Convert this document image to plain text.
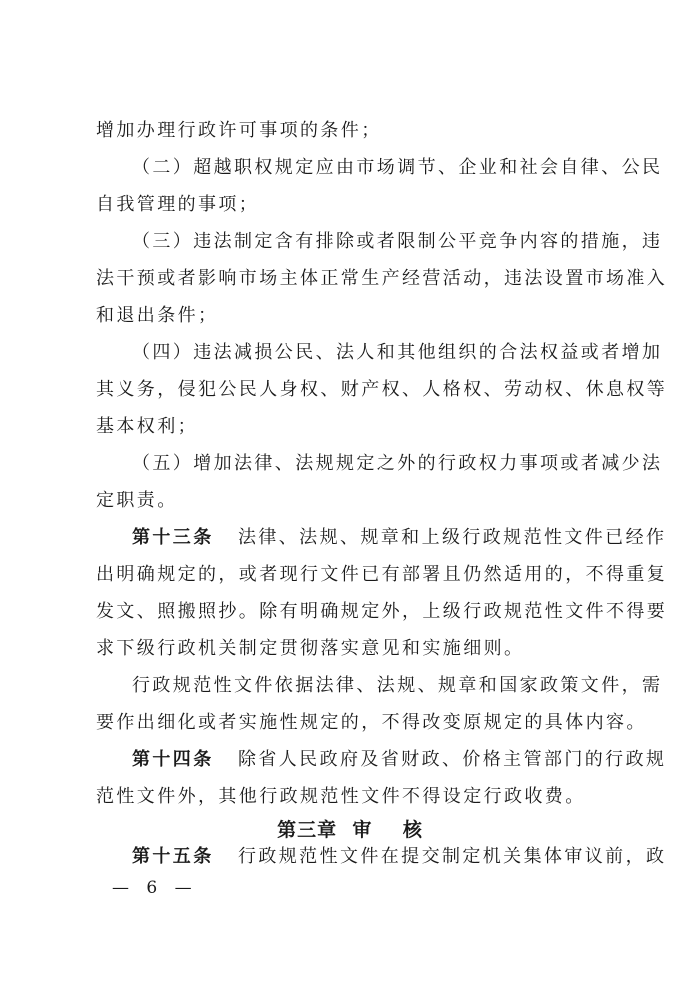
增加办理行政许可事项的条件；
（二）超越职权规定应由市场调节、企业和社会自律、公民
自我管理的事项；
（三）违法制定含有排除或者限制公平竞争内容的措施，违
法干预或者影响市场主体正常生产经营活动，违法设置市场准入
和退出条件；
（四）违法减损公民、法人和其他组织的合法权益或者增加
其义务，侵犯公民人身权、财产权、人格权、劳动权、休息权等
基本权利；
（五）增加法律、法规规定之外的行政权力事项或者减少法
定职责。
第十三条 法律、法规、规章和上级行政规范性文件已经作
出明确规定的，或者现行文件已有部署且仍然适用的，不得重复
发文、照搬照抄。除有明确规定外，上级行政规范性文件不得要
求下级行政机关制定贯彻落实意见和实施细则。
行政规范性文件依据法律、法规、规章和国家政策文件，需
要作出细化或者实施性规定的，不得改变原规定的具体内容。
第十四条 除省人民政府及省财政、价格主管部门的行政规
范性文件外，其他行政规范性文件不得设定行政收费。
第三章  审    核
第十五条 行政规范性文件在提交制定机关集体审议前，政
— 6 —
